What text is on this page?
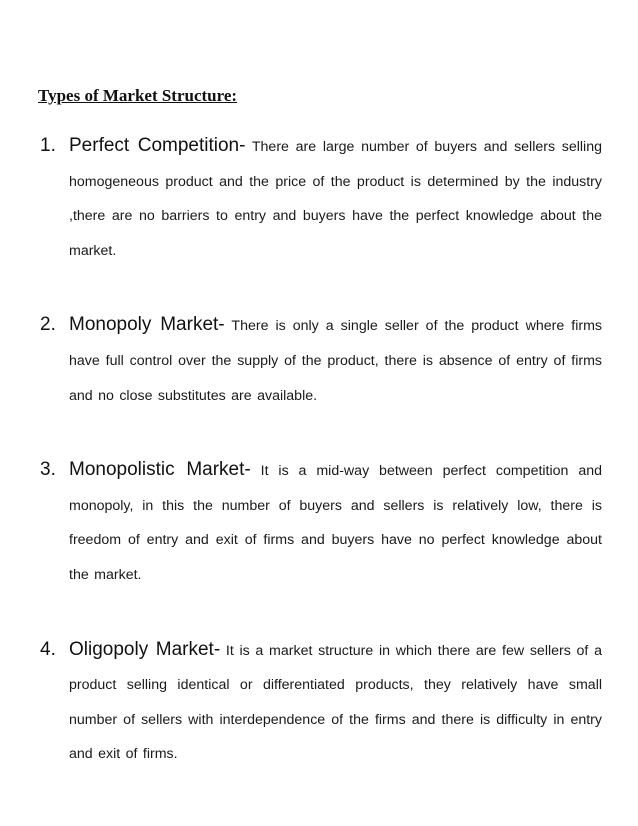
Types of Market Structure:
1. Perfect Competition- There are large number of buyers and sellers selling homogeneous product and the price of the product is determined by the industry ,there are no barriers to entry and buyers have the perfect knowledge about the market.
2. Monopoly Market- There is only a single seller of the product where firms have full control over the supply of the product, there is absence of entry of firms and no close substitutes are available.
3. Monopolistic Market- It is a mid-way between perfect competition and monopoly, in this the number of buyers and sellers is relatively low, there is freedom of entry and exit of firms and buyers have no perfect knowledge about the market.
4. Oligopoly Market- It is a market structure in which there are few sellers of a product selling identical or differentiated products, they relatively have small number of sellers with interdependence of the firms and there is difficulty in entry and exit of firms.
